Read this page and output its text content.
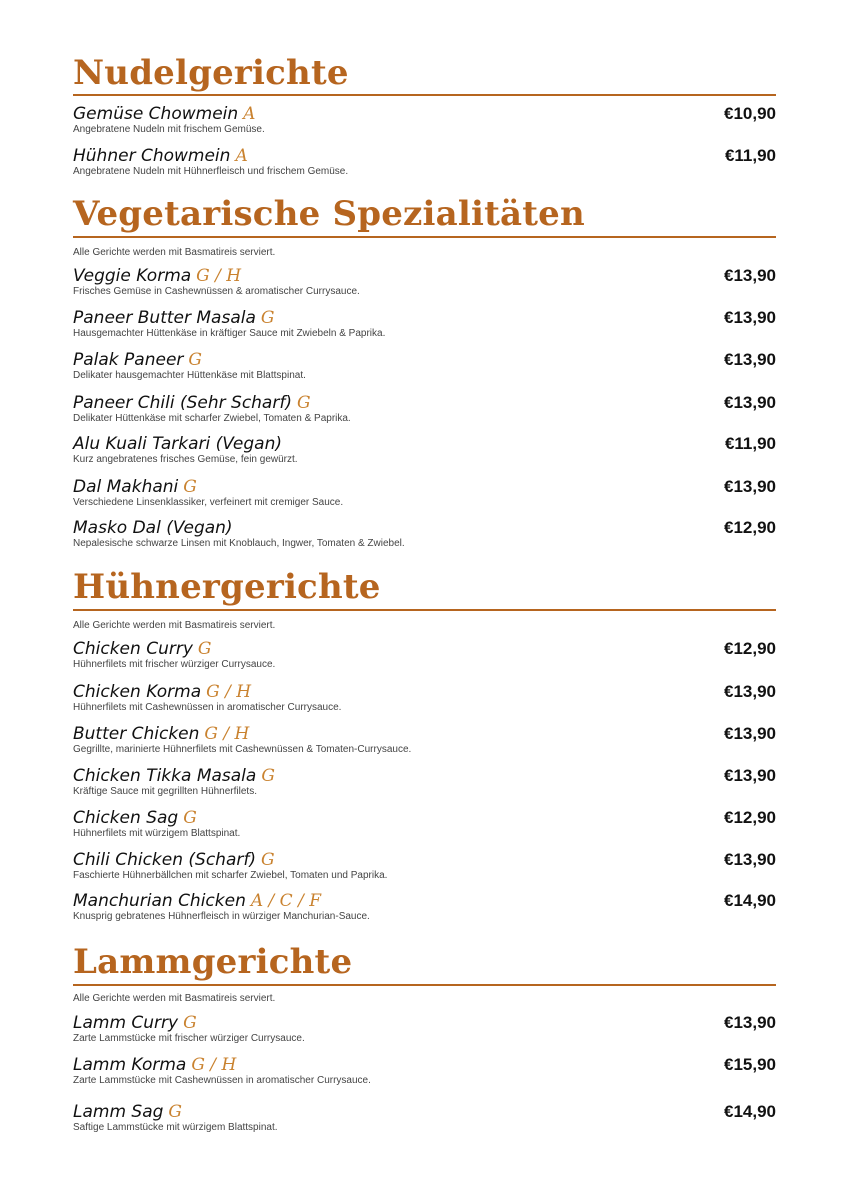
Nudelgerichte
Gemüse Chowmein A	€10,90
Angebratene Nudeln mit frischem Gemüse.
Hühner Chowmein A	€11,90
Angebratene Nudeln mit Hühnerfleisch und frischem Gemüse.
Vegetarische Spezialitäten
Alle Gerichte werden mit Basmatireis serviert.
Veggie Korma G / H	€13,90
Frisches Gemüse in Cashewnüssen & aromatischer Currysauce.
Paneer Butter Masala G	€13,90
Hausgemachter Hüttenkäse in kräftiger Sauce mit Zwiebeln & Paprika.
Palak Paneer G	€13,90
Delikater hausgemachter Hüttenkäse mit Blattspinat.
Paneer Chili (Sehr Scharf) G	€13,90
Delikater Hüttenkäse mit scharfer Zwiebel, Tomaten & Paprika.
Alu Kuali Tarkari (Vegan)	€11,90
Kurz angebratenes frisches Gemüse, fein gewürzt.
Dal Makhani G	€13,90
Verschiedene Linsenklassiker, verfeinert mit cremiger Sauce.
Masko Dal (Vegan)	€12,90
Nepalesische schwarze Linsen mit Knoblauch, Ingwer, Tomaten & Zwiebel.
Hühnergerichte
Alle Gerichte werden mit Basmatireis serviert.
Chicken Curry G	€12,90
Hühnerfilets mit frischer würziger Currysauce.
Chicken Korma G / H	€13,90
Hühnerfilets mit Cashewnüssen in aromatischer Currysauce.
Butter Chicken G / H	€13,90
Gegrillte, marinierte Hühnerfilets mit Cashewnüssen & Tomaten-Currysauce.
Chicken Tikka Masala G	€13,90
Kräftige Sauce mit gegrillten Hühnerfilets.
Chicken Sag G	€12,90
Hühnerfilets mit würzigem Blattspinat.
Chili Chicken (Scharf) G	€13,90
Faschierte Hühnerbällchen mit scharfer Zwiebel, Tomaten und Paprika.
Manchurian Chicken A / C / F	€14,90
Knusprig gebratenes Hühnerfleisch in würziger Manchurian-Sauce.
Lammgerichte
Alle Gerichte werden mit Basmatireis serviert.
Lamm Curry G	€13,90
Zarte Lammstücke mit frischer würziger Currysauce.
Lamm Korma G / H	€15,90
Zarte Lammstücke mit Cashewnüssen in aromatischer Currysauce.
Lamm Sag G	€14,90
Saftige Lammstücke mit würzigem Blattspinat.
